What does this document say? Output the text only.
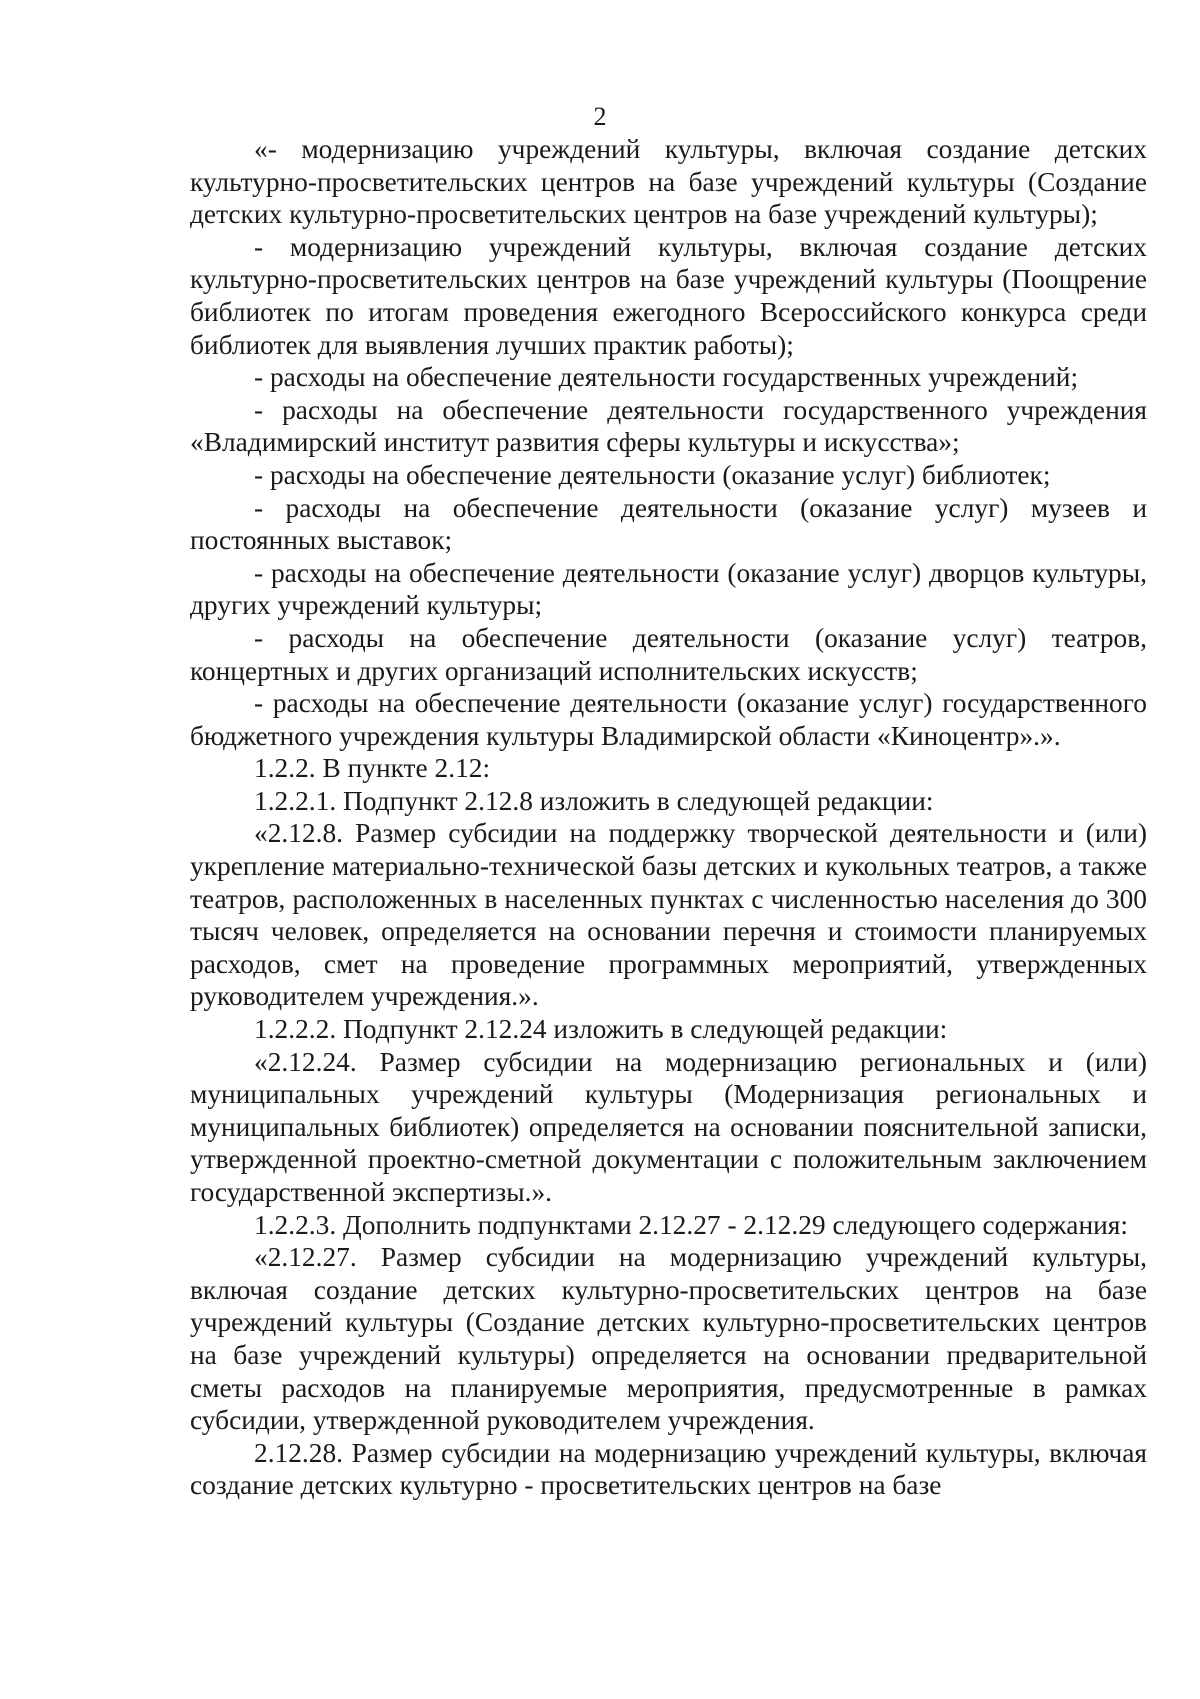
2

«- модернизацию учреждений культуры, включая создание детских культурно-просветительских центров на базе учреждений культуры (Создание детских культурно-просветительских центров на базе учреждений культуры);

- модернизацию учреждений культуры, включая создание детских культурно-просветительских центров на базе учреждений культуры (Поощрение библиотек по итогам проведения ежегодного Всероссийского конкурса среди библиотек для выявления лучших практик работы);

- расходы на обеспечение деятельности государственных учреждений;

- расходы на обеспечение деятельности государственного учреждения «Владимирский институт развития сферы культуры и искусства»;

- расходы на обеспечение деятельности (оказание услуг) библиотек;

- расходы на обеспечение деятельности (оказание услуг) музеев и постоянных выставок;

- расходы на обеспечение деятельности (оказание услуг) дворцов культуры, других учреждений культуры;

- расходы на обеспечение деятельности (оказание услуг) театров, концертных и других организаций исполнительских искусств;

- расходы на обеспечение деятельности (оказание услуг) государственного бюджетного учреждения культуры Владимирской области «Киноцентр».».

1.2.2. В пункте 2.12:

1.2.2.1. Подпункт 2.12.8 изложить в следующей редакции:

«2.12.8. Размер субсидии на поддержку творческой деятельности и (или) укрепление материально-технической базы детских и кукольных театров, а также театров, расположенных в населенных пунктах с численностью населения до 300 тысяч человек, определяется на основании перечня и стоимости планируемых расходов, смет на проведение программных мероприятий, утвержденных руководителем учреждения.».

1.2.2.2. Подпункт 2.12.24 изложить в следующей редакции:

«2.12.24. Размер субсидии на модернизацию региональных и (или) муниципальных учреждений культуры (Модернизация региональных и муниципальных библиотек) определяется на основании пояснительной записки, утвержденной проектно-сметной документации с положительным заключением государственной экспертизы.».

1.2.2.3. Дополнить подпунктами 2.12.27 - 2.12.29 следующего содержания:

«2.12.27. Размер субсидии на модернизацию учреждений культуры, включая создание детских культурно-просветительских центров на базе учреждений культуры (Создание детских культурно-просветительских центров на базе учреждений культуры) определяется на основании предварительной сметы расходов на планируемые мероприятия, предусмотренные в рамках субсидии, утвержденной руководителем учреждения.

2.12.28. Размер субсидии на модернизацию учреждений культуры, включая создание детских культурно - просветительских центров на базе
